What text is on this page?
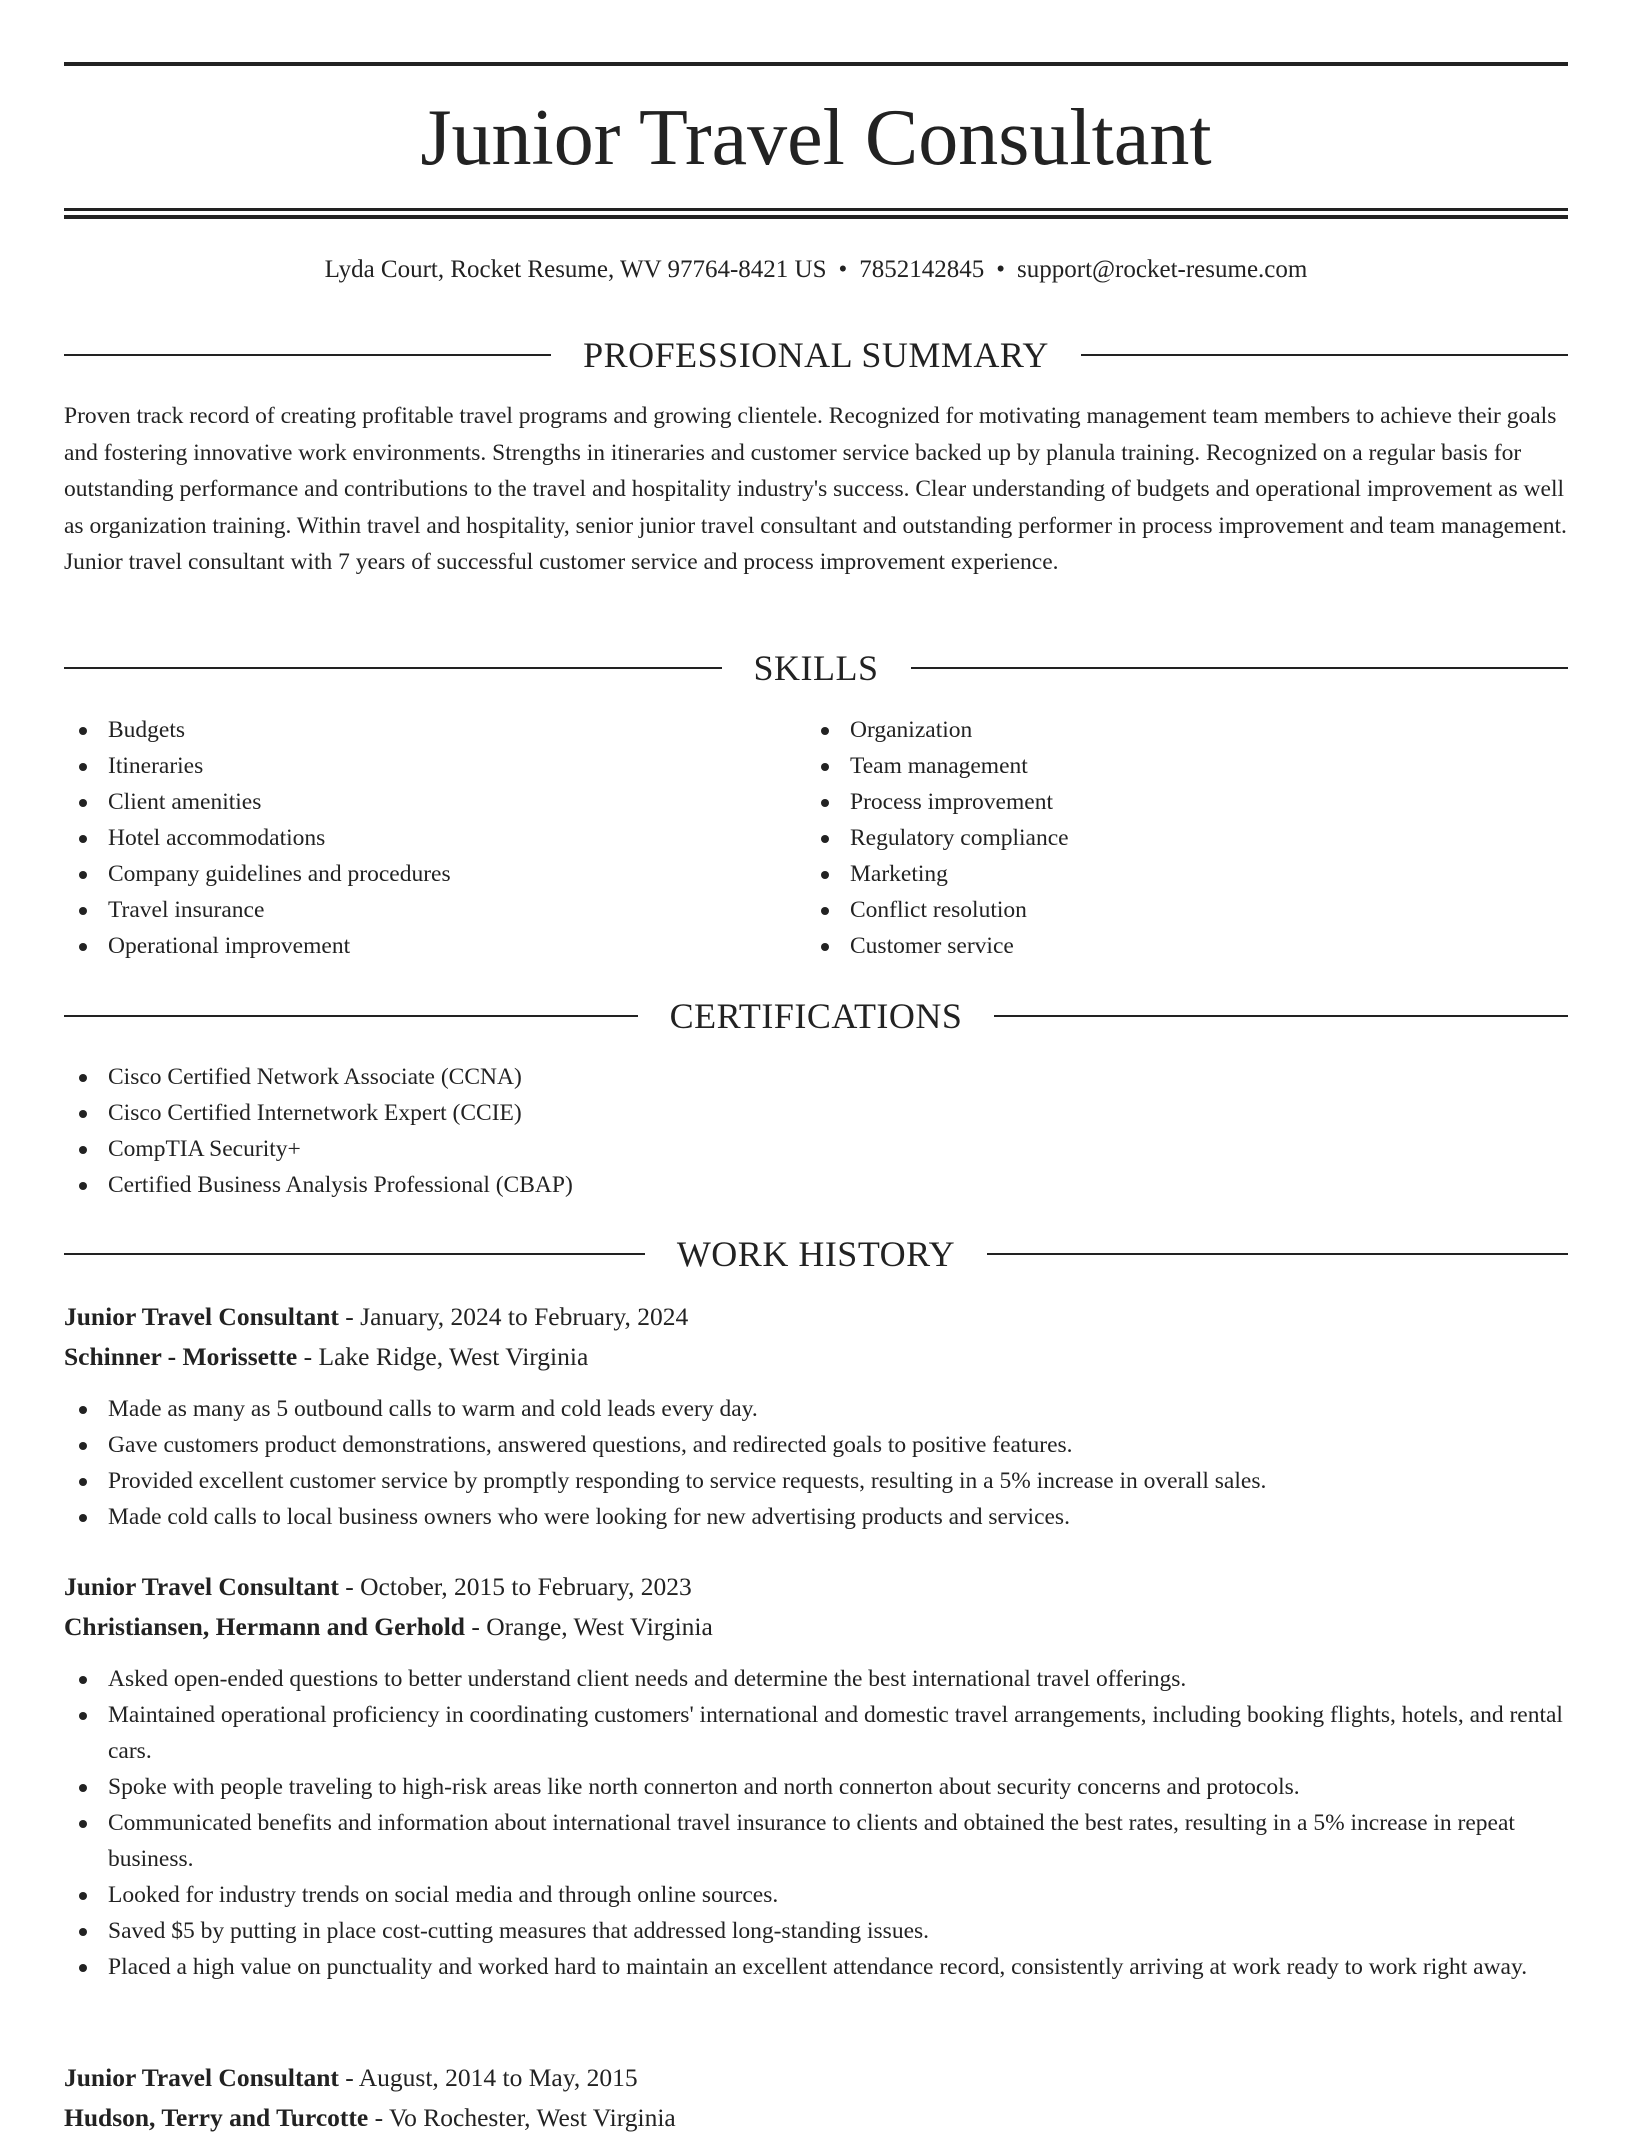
Junior Travel Consultant
Lyda Court, Rocket Resume, WV 97764-8421 US • 7852142845 • support@rocket-resume.com
PROFESSIONAL SUMMARY

Proven track record of creating profitable travel programs and growing clientele. Recognized for motivating management team members to achieve their goals and fostering innovative work environments. Strengths in itineraries and customer service backed up by planula training. Recognized on a regular basis for outstanding performance and contributions to the travel and hospitality industry's success. Clear understanding of budgets and operational improvement as well as organization training. Within travel and hospitality, senior junior travel consultant and outstanding performer in process improvement and team management. Junior travel consultant with 7 years of successful customer service and process improvement experience.

SKILLS
Budgets
Itineraries
Client amenities
Hotel accommodations
Company guidelines and procedures
Travel insurance
Operational improvement
Organization
Team management
Process improvement
Regulatory compliance
Marketing
Conflict resolution
Customer service
CERTIFICATIONS
Cisco Certified Network Associate (CCNA)
Cisco Certified Internetwork Expert (CCIE)
CompTIA Security+
Certified Business Analysis Professional (CBAP)
WORK HISTORY
Junior Travel Consultant - January, 2024 to February, 2024
Schinner - Morissette - Lake Ridge, West Virginia
Made as many as 5 outbound calls to warm and cold leads every day.
Gave customers product demonstrations, answered questions, and redirected goals to positive features.
Provided excellent customer service by promptly responding to service requests, resulting in a 5% increase in overall sales.
Made cold calls to local business owners who were looking for new advertising products and services.
Junior Travel Consultant - October, 2015 to February, 2023
Christiansen, Hermann and Gerhold - Orange, West Virginia
Asked open-ended questions to better understand client needs and determine the best international travel offerings.
Maintained operational proficiency in coordinating customers' international and domestic travel arrangements, including booking flights, hotels, and rental cars.
Spoke with people traveling to high-risk areas like north connerton and north connerton about security concerns and protocols.
Communicated benefits and information about international travel insurance to clients and obtained the best rates, resulting in a 5% increase in repeat business.
Looked for industry trends on social media and through online sources.
Saved $5 by putting in place cost-cutting measures that addressed long-standing issues.
Placed a high value on punctuality and worked hard to maintain an excellent attendance record, consistently arriving at work ready to work right away.
Junior Travel Consultant - August, 2014 to May, 2015
Hudson, Terry and Turcotte - Vo Rochester, West Virginia
